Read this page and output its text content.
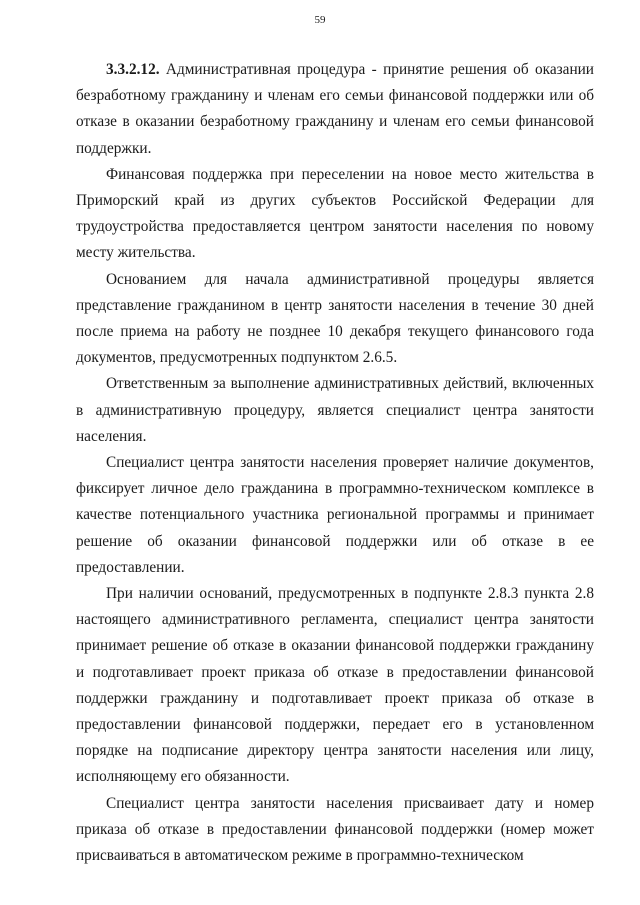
59

3.3.2.12. Административная процедура - принятие решения об оказании безработному гражданину и членам его семьи финансовой поддержки или об отказе в оказании безработному гражданину и членам его семьи финансовой поддержки.

Финансовая поддержка при переселении на новое место жительства в Приморский край из других субъектов Российской Федерации для трудоустройства предоставляется центром занятости населения по новому месту жительства.

Основанием для начала административной процедуры является представление гражданином в центр занятости населения в течение 30 дней после приема на работу не позднее 10 декабря текущего финансового года документов, предусмотренных подпунктом 2.6.5.

Ответственным за выполнение административных действий, включенных в административную процедуру, является специалист центра занятости населения.

Специалист центра занятости населения проверяет наличие документов, фиксирует личное дело гражданина в программно-техническом комплексе в качестве потенциального участника региональной программы и принимает решение об оказании финансовой поддержки или об отказе в ее предоставлении.

При наличии оснований, предусмотренных в подпункте 2.8.3 пункта 2.8 настоящего административного регламента, специалист центра занятости принимает решение об отказе в оказании финансовой поддержки гражданину и подготавливает проект приказа об отказе в предоставлении финансовой поддержки гражданину и подготавливает проект приказа об отказе в предоставлении финансовой поддержки, передает его в установленном порядке на подписание директору центра занятости населения или лицу, исполняющему его обязанности.

Специалист центра занятости населения присваивает дату и номер приказа об отказе в предоставлении финансовой поддержки (номер может присваиваться в автоматическом режиме в программно-техническом
